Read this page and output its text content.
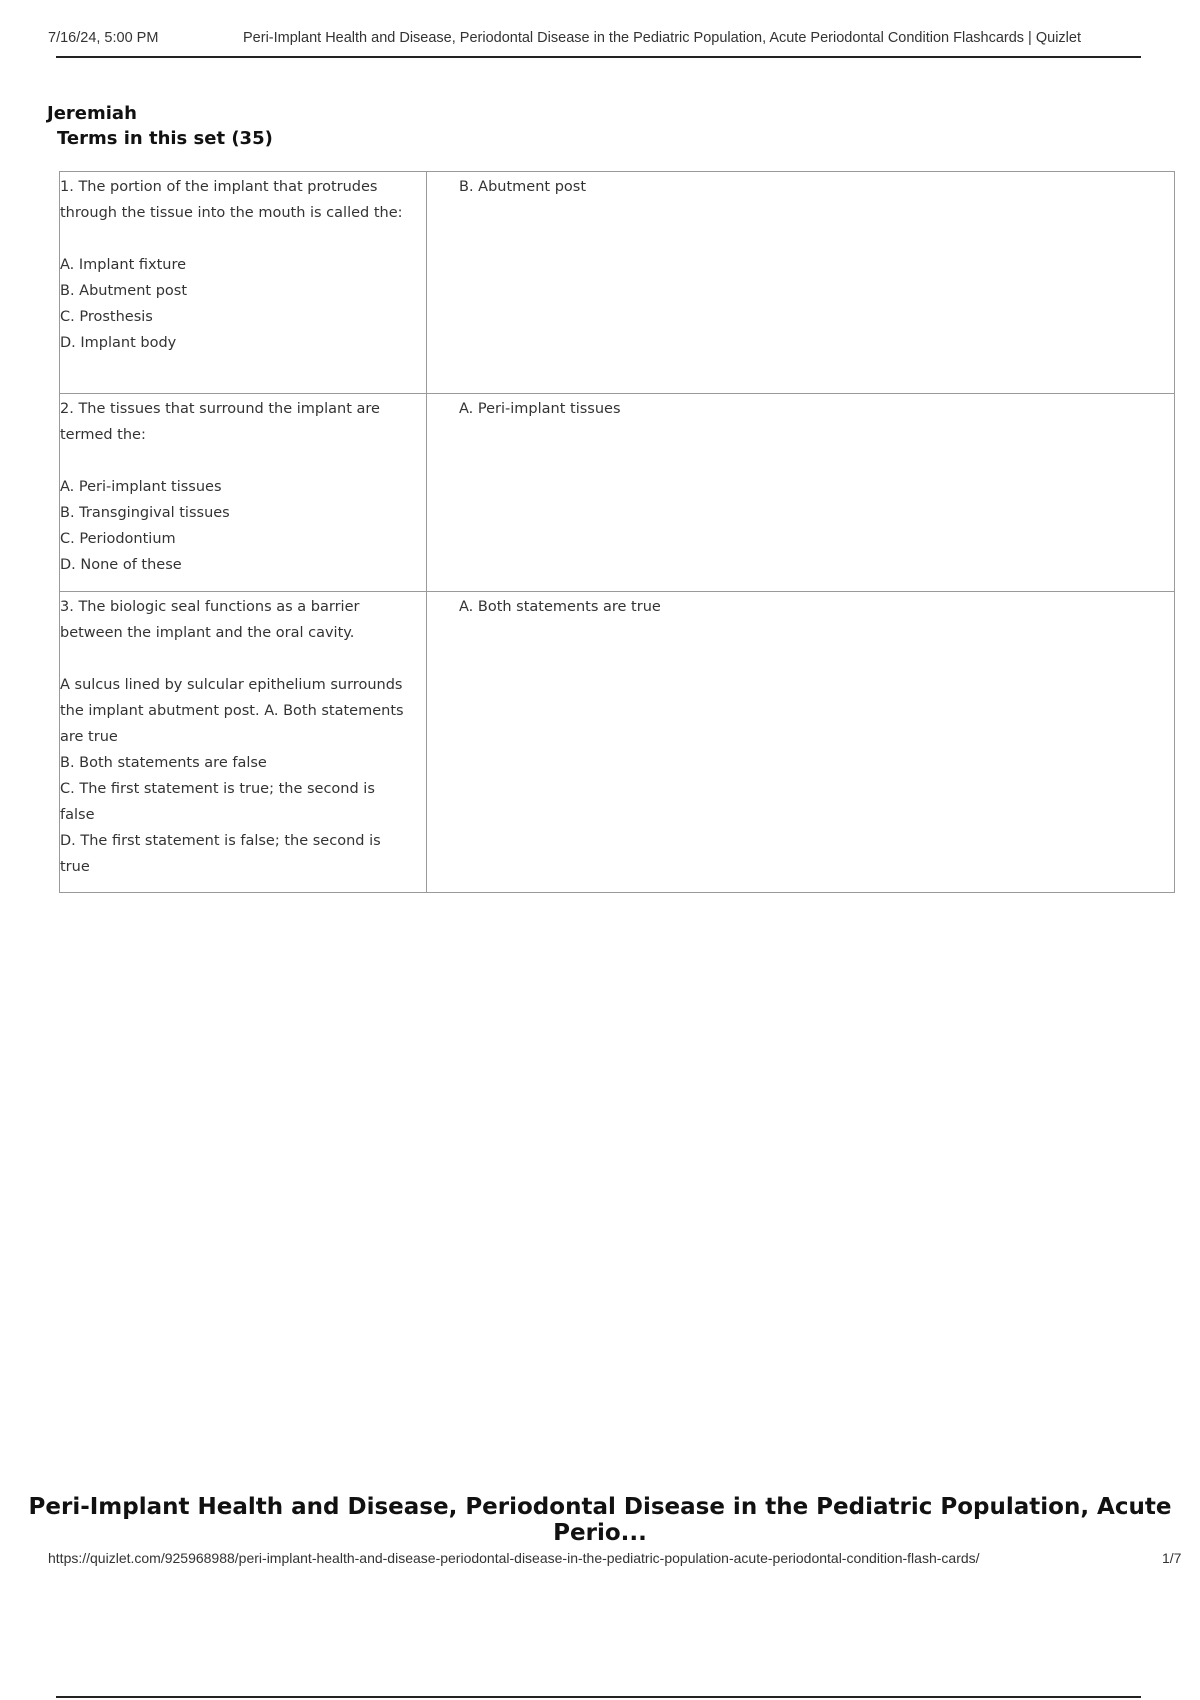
7/16/24, 5:00 PM	Peri-Implant Health and Disease, Periodontal Disease in the Pediatric Population, Acute Periodontal Condition Flashcards | Quizlet
Jeremiah
Terms in this set (35)
1. The portion of the implant that protrudes through the tissue into the mouth is called the:

A. Implant fixture
B. Abutment post
C. Prosthesis
D. Implant body	B. Abutment post
2. The tissues that surround the implant are termed the:

A. Peri-implant tissues
B. Transgingival tissues
C. Periodontium
D. None of these	A. Peri-implant tissues
3. The biologic seal functions as a barrier between the implant and the oral cavity.

A sulcus lined by sulcular epithelium surrounds the implant abutment post. A. Both statements are true
B. Both statements are false
C. The first statement is true; the second is false
D. The first statement is false; the second is true	A. Both statements are true
Peri-Implant Health and Disease, Periodontal Disease in the Pediatric Population, Acute Perio...
https://quizlet.com/925968988/peri-implant-health-and-disease-periodontal-disease-in-the-pediatric-population-acute-periodontal-condition-flash-cards/	1/7
